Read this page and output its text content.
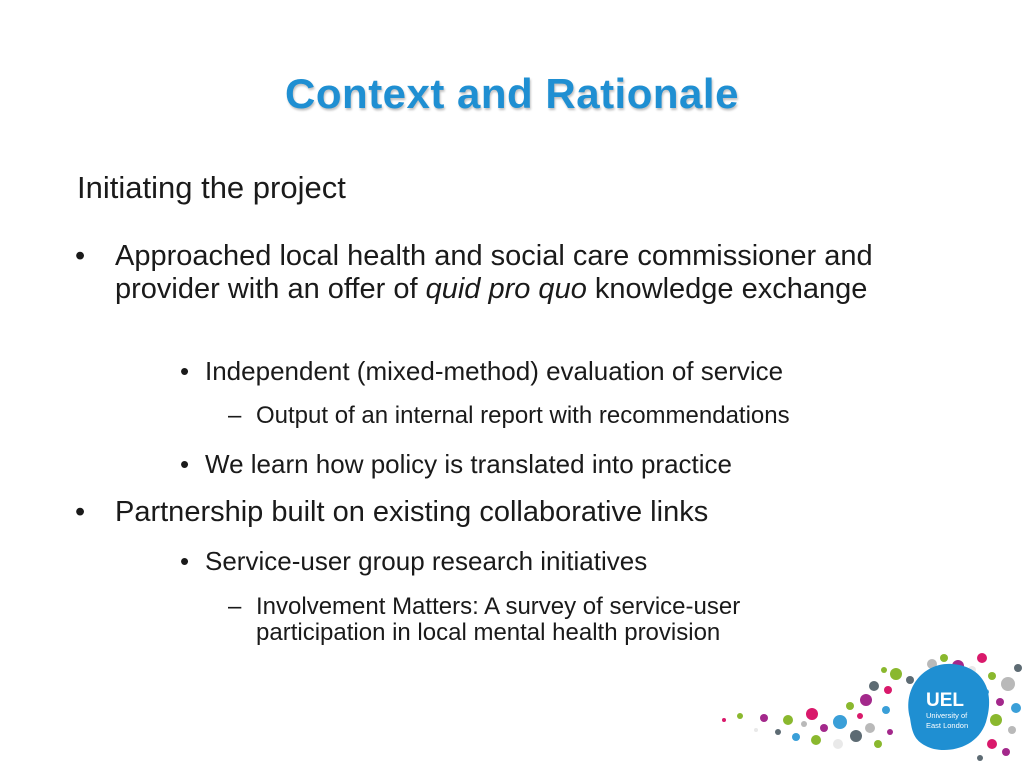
Context and Rationale
Initiating the project
•	Approached local health and social care commissioner and provider with an offer of quid pro quo knowledge exchange
• Independent (mixed-method) evaluation of service
– Output of an internal report with recommendations
• We learn how policy is translated into practice
•	Partnership built on existing collaborative links
• Service-user group research initiatives
– Involvement Matters: A survey of service-user participation in local mental health provision
UEL
University of
East London
